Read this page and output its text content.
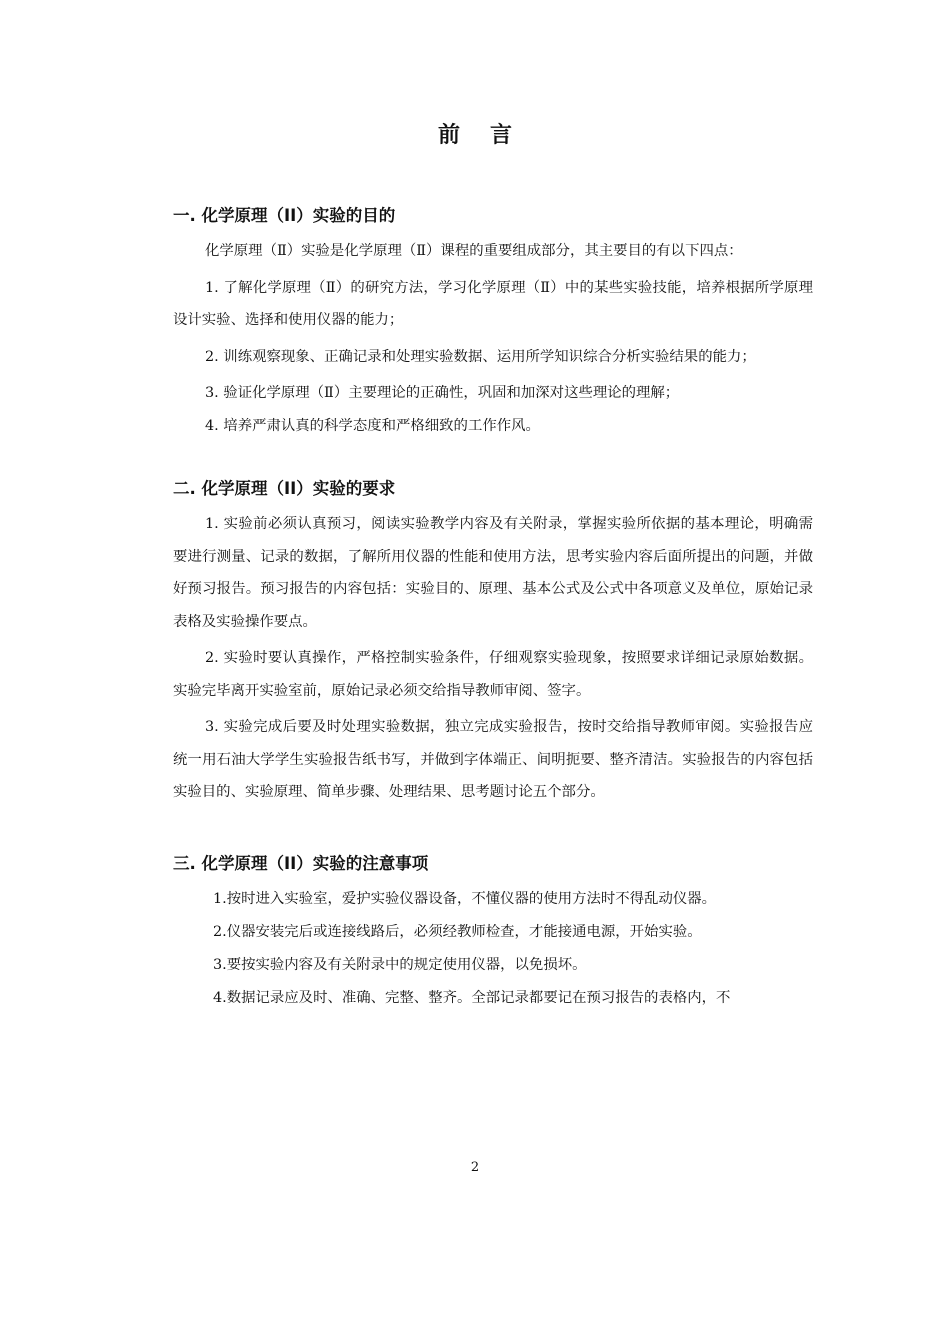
前言
一. 化学原理（II）实验的目的

化学原理（Ⅱ）实验是化学原理（Ⅱ）课程的重要组成部分，其主要目的有以下四点：

1. 了解化学原理（Ⅱ）的研究方法，学习化学原理（Ⅱ）中的某些实验技能，培养根据所学原理设计实验、选择和使用仪器的能力；

2. 训练观察现象、正确记录和处理实验数据、运用所学知识综合分析实验结果的能力；

3. 验证化学原理（Ⅱ）主要理论的正确性，巩固和加深对这些理论的理解；

4. 培养严肃认真的科学态度和严格细致的工作作风。

二. 化学原理（II）实验的要求

1. 实验前必须认真预习，阅读实验教学内容及有关附录，掌握实验所依据的基本理论，明确需要进行测量、记录的数据，了解所用仪器的性能和使用方法，思考实验内容后面所提出的问题，并做好预习报告。预习报告的内容包括：实验目的、原理、基本公式及公式中各项意义及单位，原始记录表格及实验操作要点。

2. 实验时要认真操作，严格控制实验条件，仔细观察实验现象，按照要求详细记录原始数据。实验完毕离开实验室前，原始记录必须交给指导教师审阅、签字。

3. 实验完成后要及时处理实验数据，独立完成实验报告，按时交给指导教师审阅。实验报告应统一用石油大学学生实验报告纸书写，并做到字体端正、间明扼要、整齐清洁。实验报告的内容包括实验目的、实验原理、简单步骤、处理结果、思考题讨论五个部分。

三. 化学原理（II）实验的注意事项

1.按时进入实验室，爱护实验仪器设备，不懂仪器的使用方法时不得乱动仪器。

2.仪器安装完后或连接线路后，必须经教师检查，才能接通电源，开始实验。

3.要按实验内容及有关附录中的规定使用仪器，以免损坏。

4.数据记录应及时、准确、完整、整齐。全部记录都要记在预习报告的表格内，不

2
